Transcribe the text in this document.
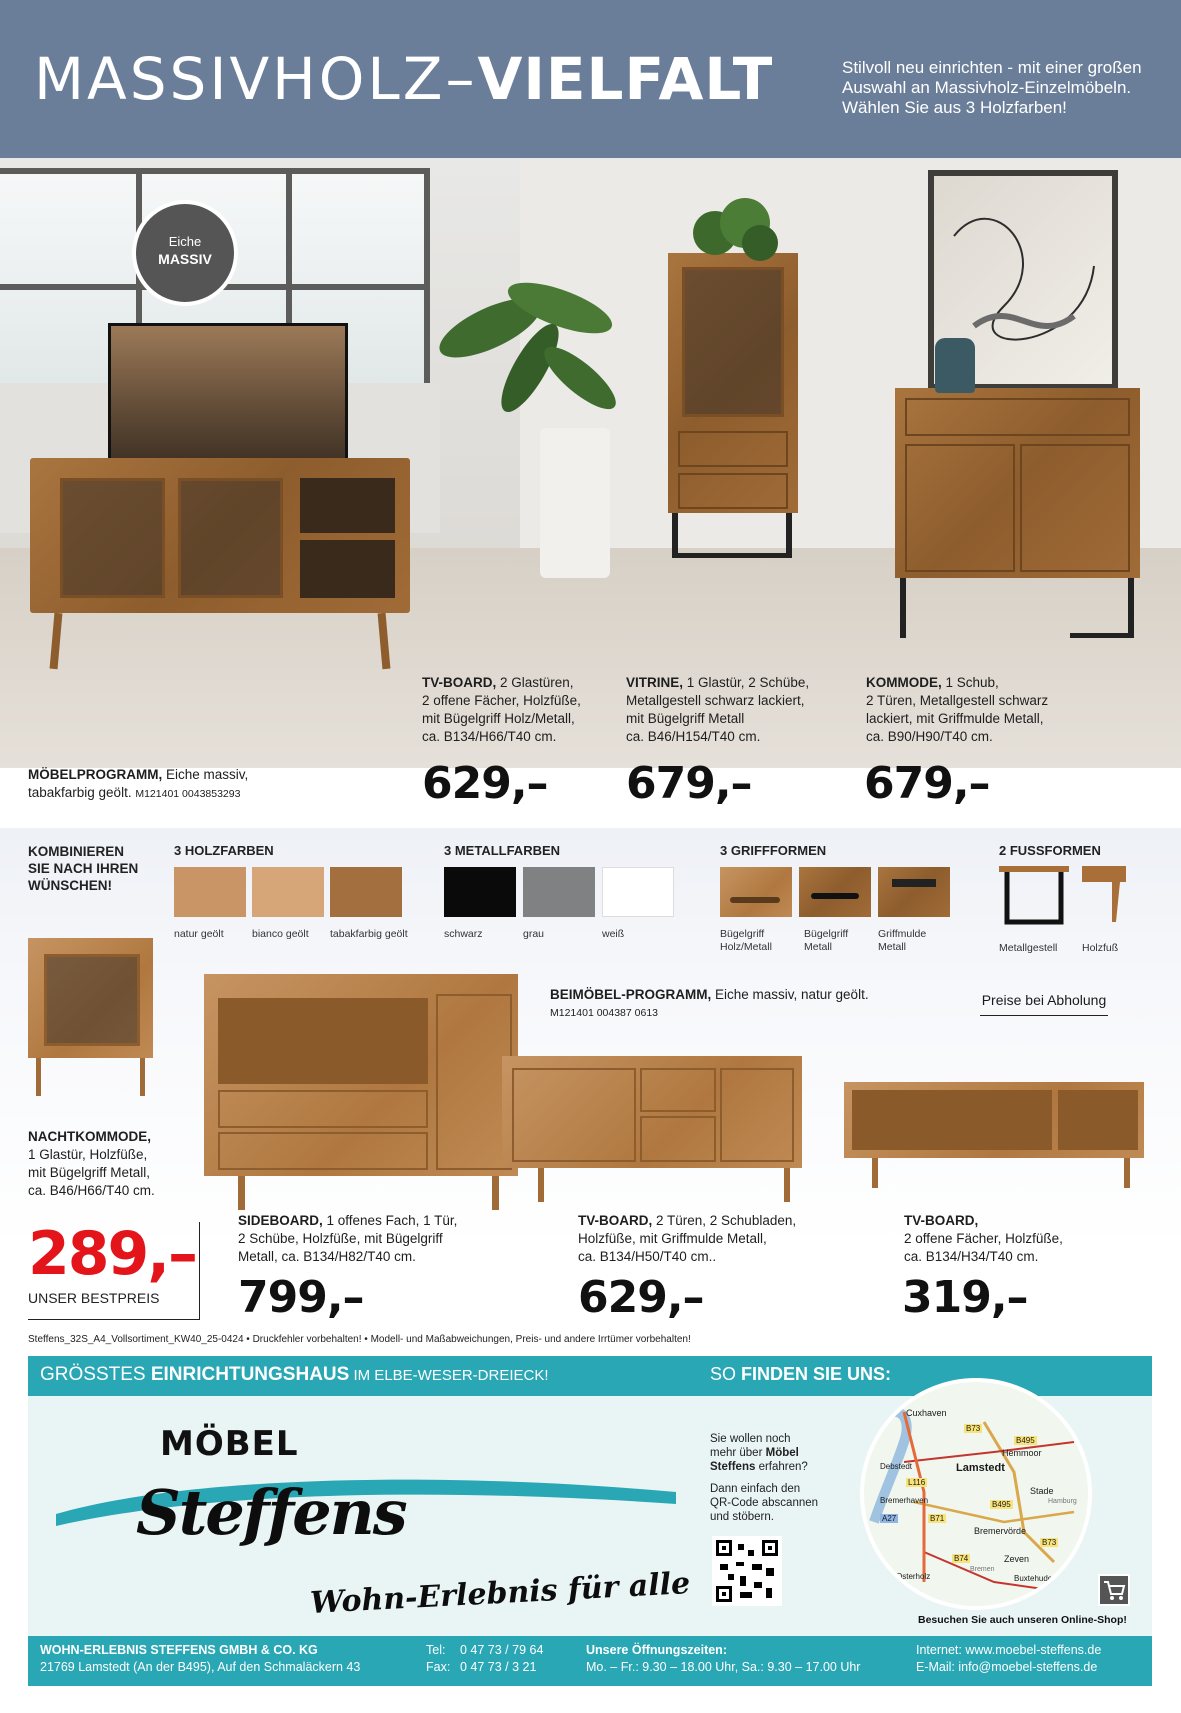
MASSIVHOLZ– VIELFALT	Stilvoll neu einrichten - mit einer großen
Auswahl an Massivholz-Einzelmöbeln.
Wählen Sie aus 3 Holzfarben!
Eiche
MASSIV
MÖBELPROGRAMM, Eiche massiv,
tabakfarbig geölt. M121401 0043853293
TV-BOARD, 2 Glastüren,
2 offene Fächer, Holzfüße,
mit Bügelgriff Holz/Metall,
ca. B134/H66/T40 cm.
629,–
VITRINE, 1 Glastür, 2 Schübe,
Metallgestell schwarz lackiert,
mit Bügelgriff Metall
ca. B46/H154/T40 cm.
679,–
KOMMODE, 1 Schub,
2 Türen, Metallgestell schwarz
lackiert, mit Griffmulde Metall,
ca. B90/H90/T40 cm.
679,–
KOMBINIEREN
SIE NACH IHREN
WÜNSCHEN!
3 HOLZFARBEN
natur geölt	bianco geölt tabakfarbig geölt
3 METALLFARBEN
schwarz	grau	weiß
3 GRIFFFORMEN
Bügelgriff Holz/Metall
Bügelgriff Metall
Griffmulde Metall
2 FUSSFORMEN
Metallgestell Holzfuß
BEIMÖBEL-PROGRAMM, Eiche massiv, natur geölt.
M121401 004387 0613
Preise bei Abholung
NACHTKOMMODE,
1 Glastür, Holzfüße,
mit Bügelgriff Metall,
ca. B46/H66/T40 cm.
289,–
UNSER BESTPREIS
SIDEBOARD, 1 offenes Fach, 1 Tür,
2 Schübe, Holzfüße, mit Bügelgriff
Metall, ca. B134/H82/T40 cm.
799,–
TV-BOARD, 2 Türen, 2 Schubladen,
Holzfüße, mit Griffmulde Metall,
ca. B134/H50/T40 cm..
629,–
TV-BOARD,
2 offene Fächer, Holzfüße,
ca. B134/H34/T40 cm.
319,–
Steffens_32S_A4_Vollsortiment_KW40_25-0424 • Druckfehler vorbehalten! • Modell- und Maßabweichungen, Preis- und andere Irrtümer vorbehalten!
GRÖSSTES EINRICHTUNGSHAUS IM ELBE-WESER-DREIECK!	SO FINDEN SIE UNS:
MÖBEL
Steffens
Wohn-Erlebnis für alle
Sie wollen noch
mehr über Möbel
Steffens erfahren?
Dann einfach den
QR-Code abscannen
und stöbern.
Cuxhaven
B73
B495
Hemmoor
Debstedt	Lamstedt
L116
Stade
Bremerhaven	B495
A27	B71
Bremervörde
B74
B73
Zeven
Osterholz	Buxtehude
Bremen
Hamburg
Besuchen Sie auch unseren Online-Shop!
WOHN-ERLEBNIS STEFFENS GMBH & CO. KG
21769 Lamstedt (An der B495), Auf den Schmaläckern 43
Tel: 0 47 73 / 79 64
Fax: 0 47 73 / 3 21
Unsere Öffnungszeiten:
Mo. – Fr.: 9.30 – 18.00 Uhr, Sa.: 9.30 – 17.00 Uhr
Internet: www.moebel-steffens.de
E-Mail: info@moebel-steffens.de
